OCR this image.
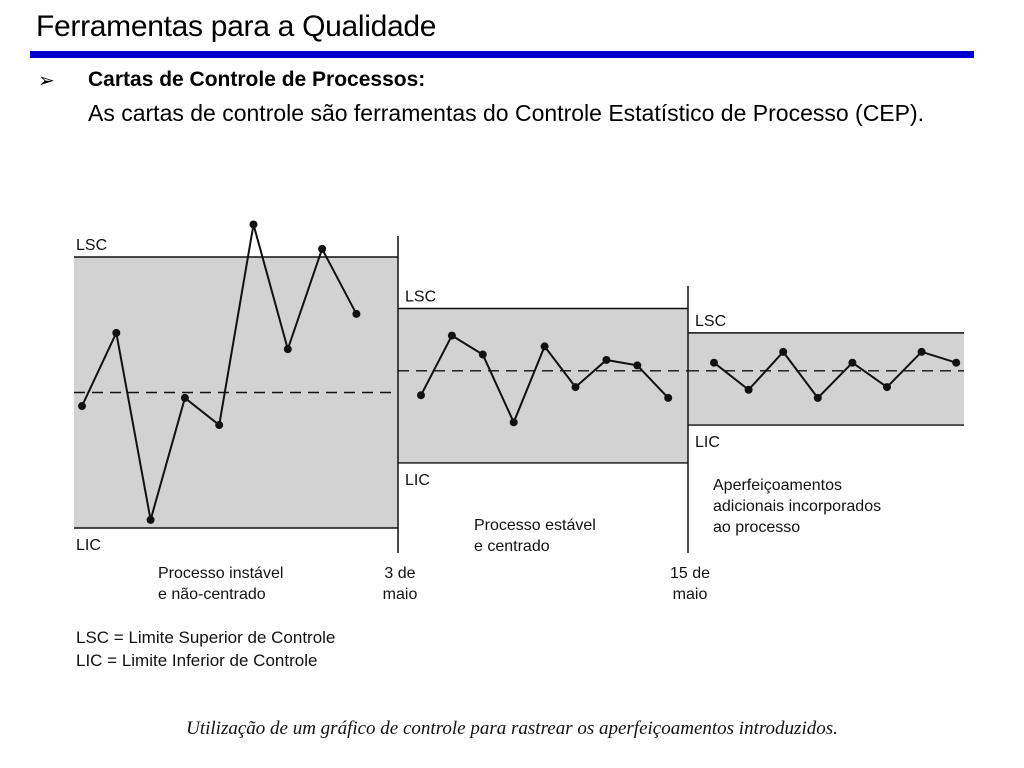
Ferramentas para a Qualidade
➢ Cartas de Controle de Processos:
As cartas de controle são ferramentas do Controle Estatístico de Processo (CEP).
LSC
LIC
LSC
LIC
LSC
LIC
Processo instável
e não-centrado
Processo estável
e centrado
Aperfeiçoamentos
adicionais incorporados
ao processo
3 de
maio
15 de
maio
LSC = Limite Superior de Controle
LIC = Limite Inferior de Controle
Utilização de um gráfico de controle para rastrear os aperfeiçoamentos introduzidos.
